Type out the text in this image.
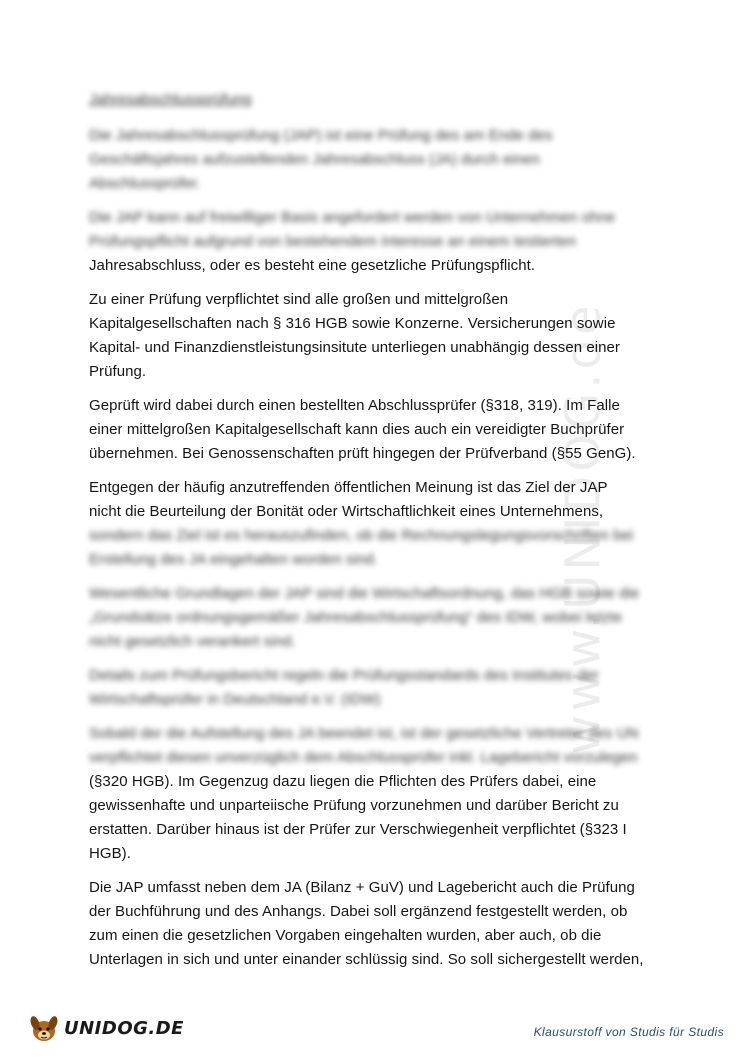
www.UNIDOG.de
Jahresabschlussprüfung
Die Jahresabschlussprüfung (JAP) ist eine Prüfung des am Ende des
Geschäftsjahres aufzustellenden Jahresabschluss (JA) durch einen
Abschlussprüfer.
Die JAP kann auf freiwilliger Basis angefordert werden von Unternehmen ohne
Prüfungspflicht aufgrund von bestehendem Interesse an einem testierten
Jahresabschluss, oder es besteht eine gesetzliche Prüfungspflicht.
Zu einer Prüfung verpflichtet sind alle großen und mittelgroßen
Kapitalgesellschaften nach § 316 HGB sowie Konzerne. Versicherungen sowie
Kapital- und Finanzdienstleistungsinsitute unterliegen unabhängig dessen einer
Prüfung.
Geprüft wird dabei durch einen bestellten Abschlussprüfer (§318, 319). Im Falle
einer mittelgroßen Kapitalgesellschaft kann dies auch ein vereidigter Buchprüfer
übernehmen. Bei Genossenschaften prüft hingegen der Prüfverband (§55 GenG).
Entgegen der häufig anzutreffenden öffentlichen Meinung ist das Ziel der JAP
nicht die Beurteilung der Bonität oder Wirtschaftlichkeit eines Unternehmens,
sondern das Ziel ist es herauszufinden, ob die Rechnungslegungsvorschriften bei
Erstellung des JA eingehalten worden sind.
Wesentliche Grundlagen der JAP sind die Wirtschaftsordnung, das HGB sowie die
„Grundsätze ordnungsgemäßer Jahresabschlussprüfung“ des IDW, wobei letzte
nicht gesetzlich verankert sind.
Details zum Prüfungsbericht regeln die Prüfungsstandards des Institutes der
Wirtschaftsprüfer in Deutschland e.V. (IDW)
Sobald der die Aufstellung des JA beendet ist, ist der gesetzliche Vertreter des UN
verpflichtet diesen unverzüglich dem Abschlussprüfer inkl. Lagebericht vorzulegen
(§320 HGB). Im Gegenzug dazu liegen die Pflichten des Prüfers dabei, eine
gewissenhafte und unparteiische Prüfung vorzunehmen und darüber Bericht zu
erstatten. Darüber hinaus ist der Prüfer zur Verschwiegenheit verpflichtet (§323 I
HGB).
Die JAP umfasst neben dem JA (Bilanz + GuV) und Lagebericht auch die Prüfung
der Buchführung und des Anhangs. Dabei soll ergänzend festgestellt werden, ob
zum einen die gesetzlichen Vorgaben eingehalten wurden, aber auch, ob die
Unterlagen in sich und unter einander schlüssig sind. So soll sichergestellt werden,
UNIDOG.DE	Klausurstoff von Studis für Studis
